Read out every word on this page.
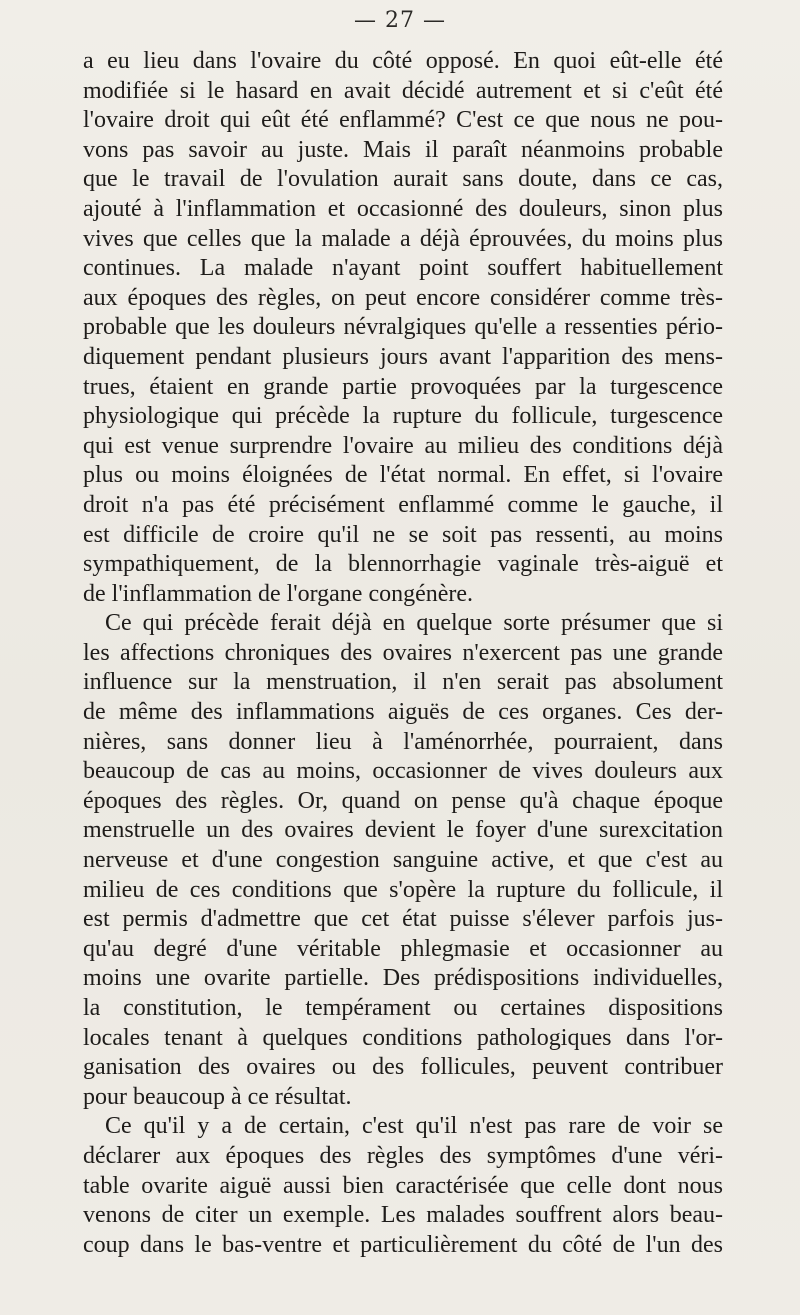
— 27 —
a eu lieu dans l'ovaire du côté opposé. En quoi eût-elle été
modifiée si le hasard en avait décidé autrement et si c'eût été
l'ovaire droit qui eût été enflammé? C'est ce que nous ne pou-
vons pas savoir au juste. Mais il paraît néanmoins probable
que le travail de l'ovulation aurait sans doute, dans ce cas,
ajouté à l'inflammation et occasionné des douleurs, sinon plus
vives que celles que la malade a déjà éprouvées, du moins plus
continues. La malade n'ayant point souffert habituellement
aux époques des règles, on peut encore considérer comme très-
probable que les douleurs névralgiques qu'elle a ressenties pério-
diquement pendant plusieurs jours avant l'apparition des mens-
trues, étaient en grande partie provoquées par la turgescence
physiologique qui précède la rupture du follicule, turgescence
qui est venue surprendre l'ovaire au milieu des conditions déjà
plus ou moins éloignées de l'état normal. En effet, si l'ovaire
droit n'a pas été précisément enflammé comme le gauche, il
est difficile de croire qu'il ne se soit pas ressenti, au moins
sympathiquement, de la blennorrhagie vaginale très-aiguë et
de l'inflammation de l'organe congénère.
Ce qui précède ferait déjà en quelque sorte présumer que si
les affections chroniques des ovaires n'exercent pas une grande
influence sur la menstruation, il n'en serait pas absolument
de même des inflammations aiguës de ces organes. Ces der-
nières, sans donner lieu à l'aménorrhée, pourraient, dans
beaucoup de cas au moins, occasionner de vives douleurs aux
époques des règles. Or, quand on pense qu'à chaque époque
menstruelle un des ovaires devient le foyer d'une surexcitation
nerveuse et d'une congestion sanguine active, et que c'est au
milieu de ces conditions que s'opère la rupture du follicule, il
est permis d'admettre que cet état puisse s'élever parfois jus-
qu'au degré d'une véritable phlegmasie et occasionner au
moins une ovarite partielle. Des prédispositions individuelles,
la constitution, le tempérament ou certaines dispositions
locales tenant à quelques conditions pathologiques dans l'or-
ganisation des ovaires ou des follicules, peuvent contribuer
pour beaucoup à ce résultat.
Ce qu'il y a de certain, c'est qu'il n'est pas rare de voir se
déclarer aux époques des règles des symptômes d'une véri-
table ovarite aiguë aussi bien caractérisée que celle dont nous
venons de citer un exemple. Les malades souffrent alors beau-
coup dans le bas-ventre et particulièrement du côté de l'un des
